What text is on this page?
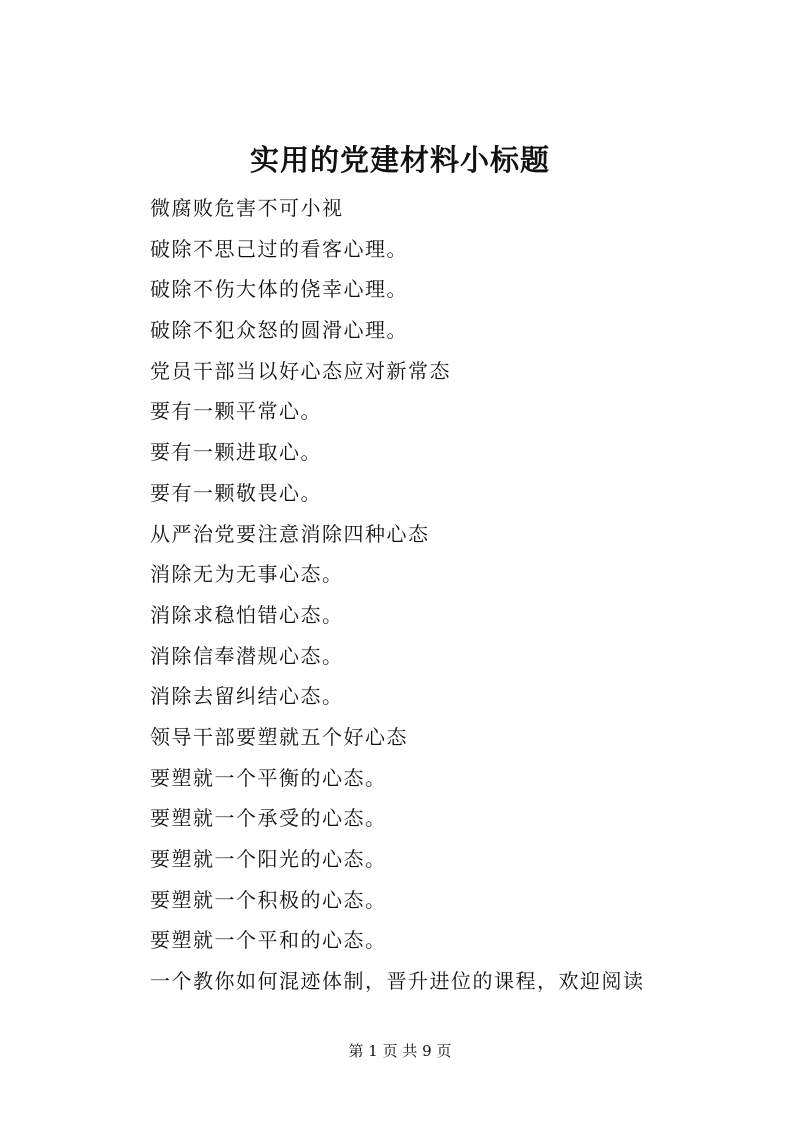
实用的党建材料小标题
微腐败危害不可小视
破除不思己过的看客心理。
破除不伤大体的侥幸心理。
破除不犯众怒的圆滑心理。
党员干部当以好心态应对新常态
要有一颗平常心。
要有一颗进取心。
要有一颗敬畏心。
从严治党要注意消除四种心态
消除无为无事心态。
消除求稳怕错心态。
消除信奉潜规心态。
消除去留纠结心态。
领导干部要塑就五个好心态
要塑就一个平衡的心态。
要塑就一个承受的心态。
要塑就一个阳光的心态。
要塑就一个积极的心态。
要塑就一个平和的心态。
一个教你如何混迹体制，晋升进位的课程，欢迎阅读
第 1 页 共 9 页
